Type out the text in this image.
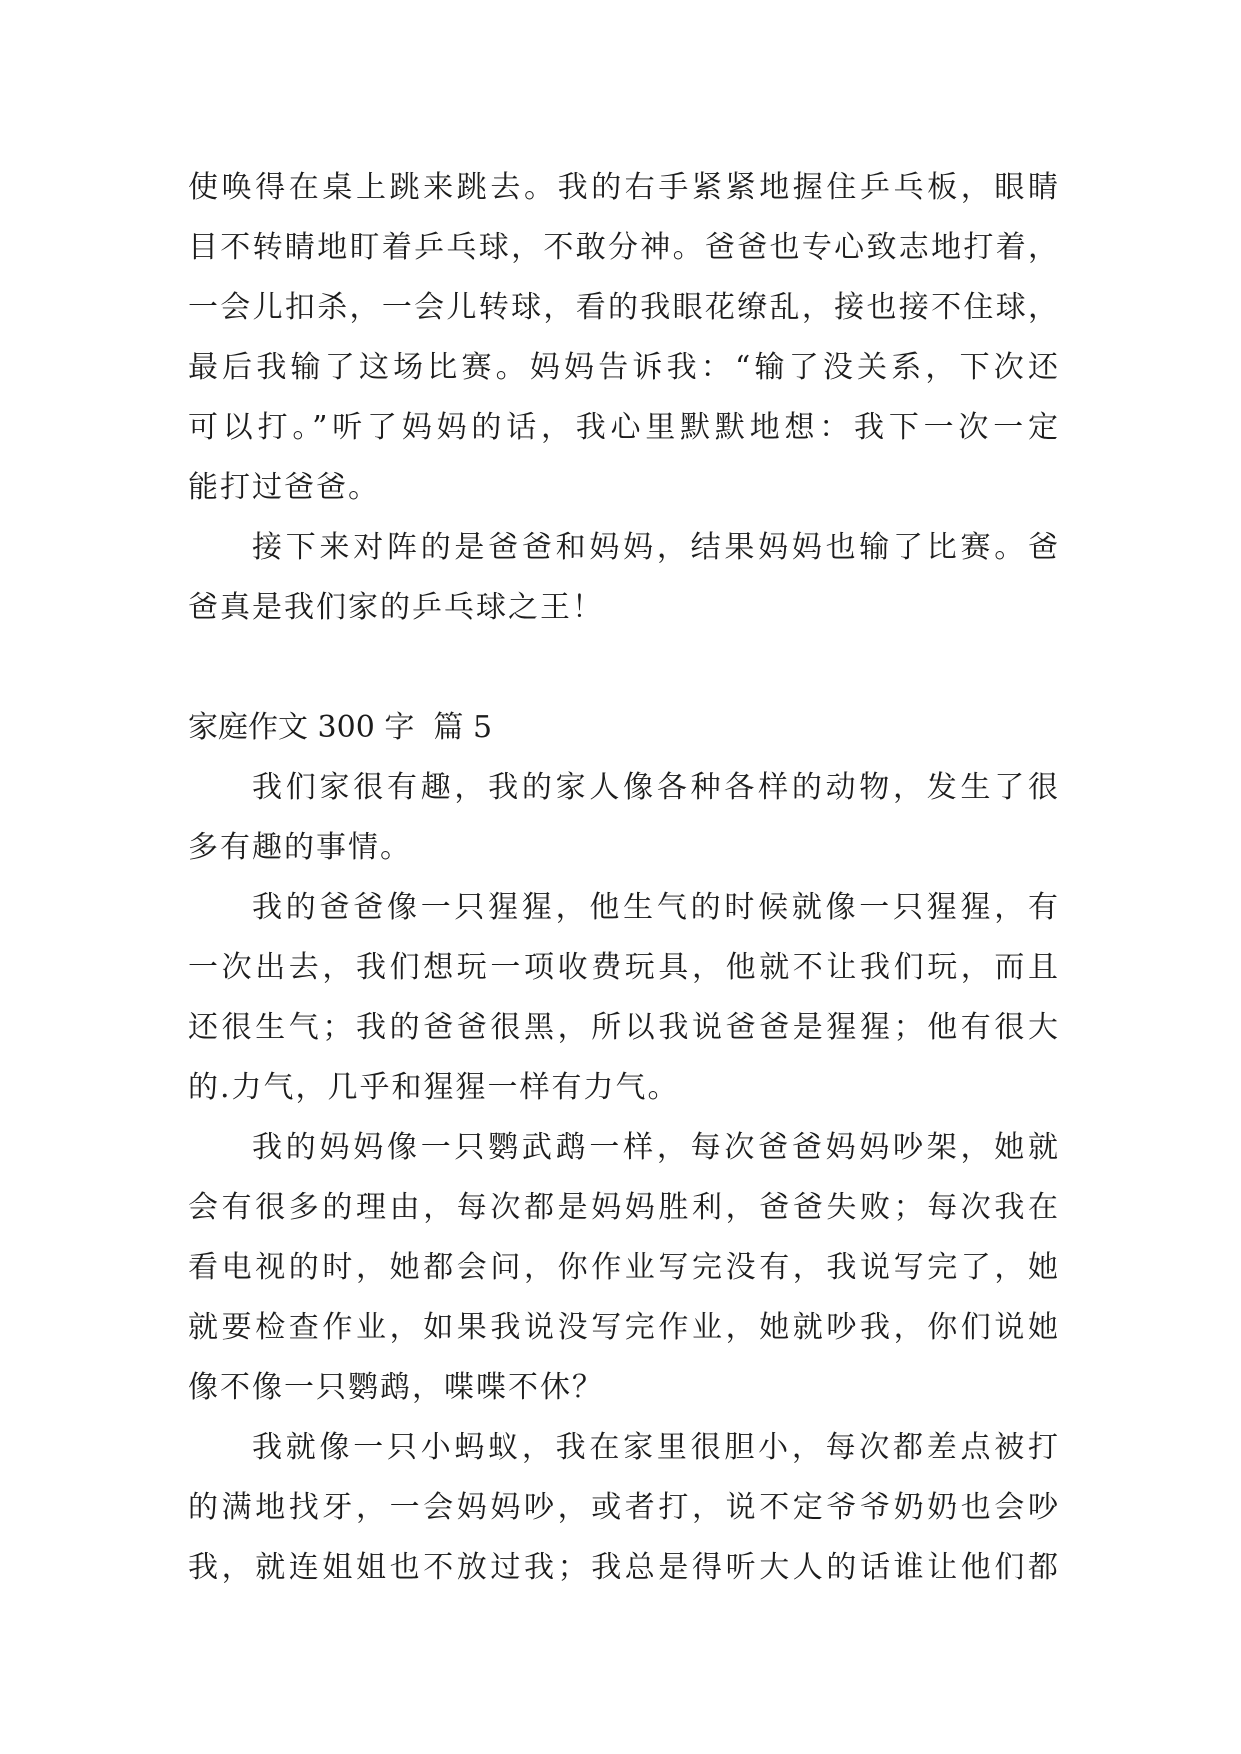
使唤得在桌上跳来跳去。我的右手紧紧地握住乒乓板，眼睛
目不转睛地盯着乒乓球，不敢分神。爸爸也专心致志地打着，
一会儿扣杀，一会儿转球，看的我眼花缭乱，接也接不住球，
最后我输了这场比赛。妈妈告诉我：“输了没关系，下次还
可以打。”听了妈妈的话，我心里默默地想：我下一次一定
能打过爸爸。
接下来对阵的是爸爸和妈妈，结果妈妈也输了比赛。爸
爸真是我们家的乒乓球之王！
家庭作文 300 字  篇 5
我们家很有趣，我的家人像各种各样的动物，发生了很
多有趣的事情。
我的爸爸像一只猩猩，他生气的时候就像一只猩猩，有
一次出去，我们想玩一项收费玩具，他就不让我们玩，而且
还很生气；我的爸爸很黑，所以我说爸爸是猩猩；他有很大
的.力气，几乎和猩猩一样有力气。
我的妈妈像一只鹦武鹉一样，每次爸爸妈妈吵架，她就
会有很多的理由，每次都是妈妈胜利，爸爸失败；每次我在
看电视的时，她都会问，你作业写完没有，我说写完了，她
就要检查作业，如果我说没写完作业，她就吵我，你们说她
像不像一只鹦鹉，喋喋不休？
我就像一只小蚂蚁，我在家里很胆小，每次都差点被打
的满地找牙，一会妈妈吵，或者打，说不定爷爷奶奶也会吵
我，就连姐姐也不放过我；我总是得听大人的话谁让他们都
